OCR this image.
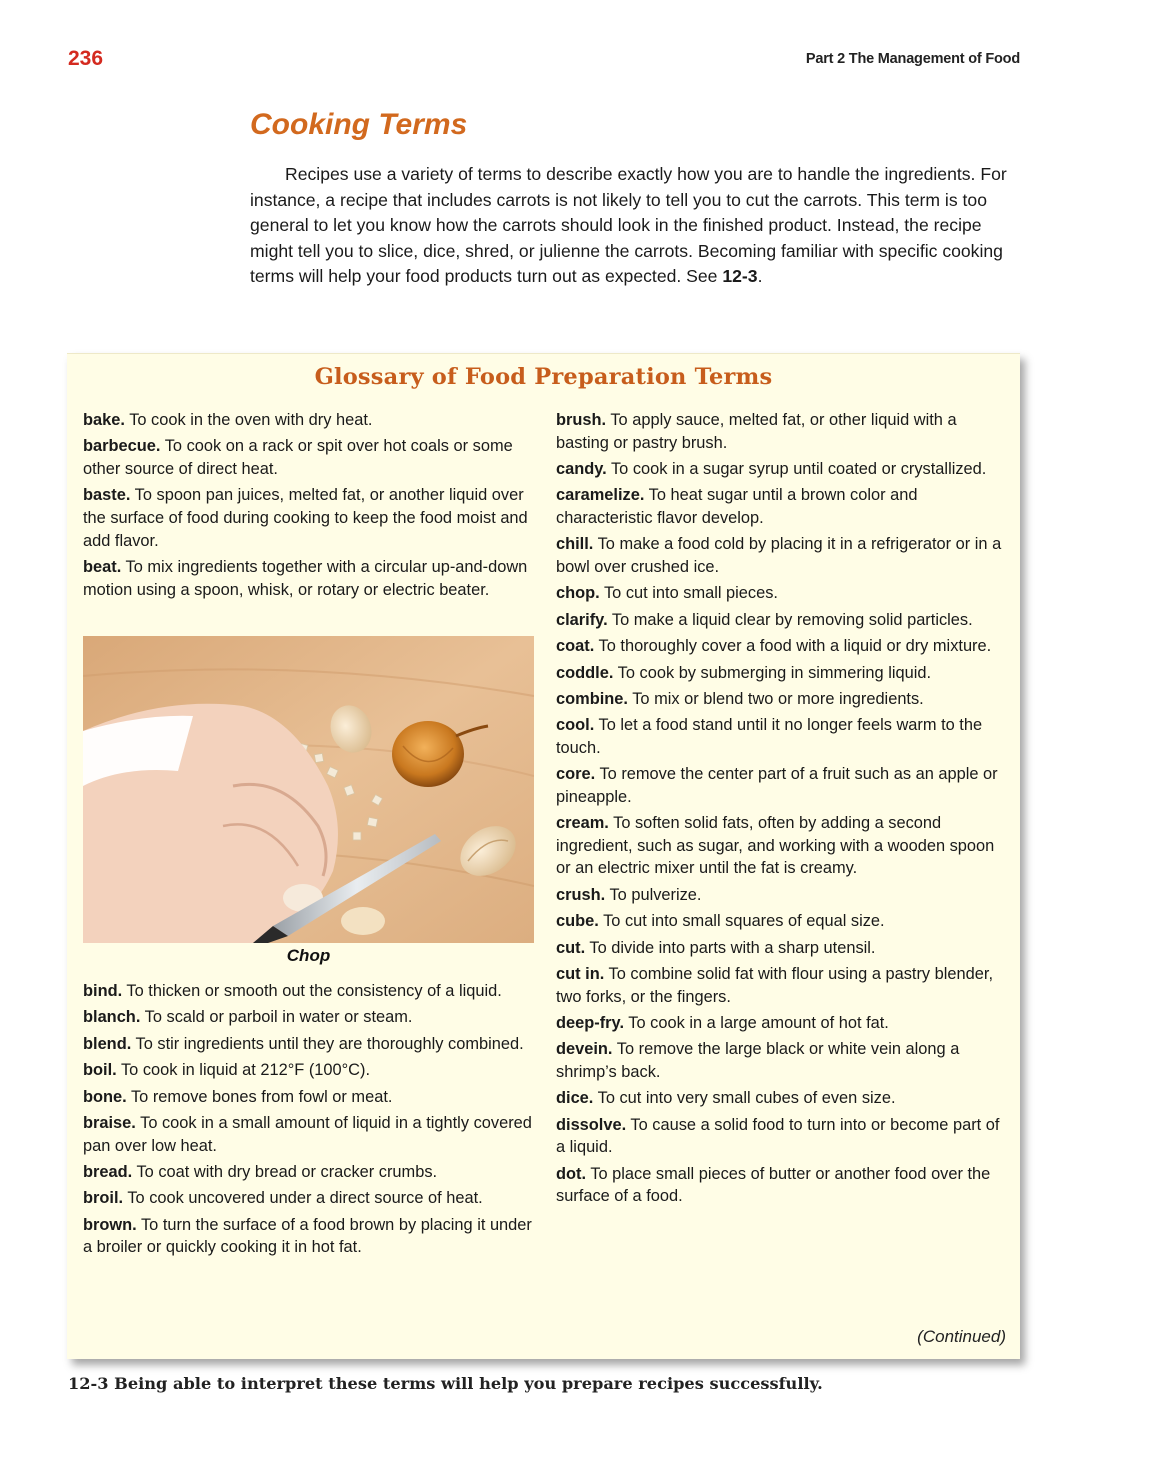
236	Part 2 The Management of Food
Cooking Terms

Recipes use a variety of terms to describe exactly how you are to handle the ingredients. For instance, a recipe that includes carrots is not likely to tell you to cut the carrots. This term is too general to let you know how the carrots should look in the finished product. Instead, the recipe might tell you to slice, dice, shred, or julienne the carrots. Becoming familiar with specific cooking terms will help your food products turn out as expected. See 12-3.

Glossary of Food Preparation Terms

bake. To cook in the oven with dry heat.

barbecue. To cook on a rack or spit over hot coals or some other source of direct heat.

baste. To spoon pan juices, melted fat, or another liquid over the surface of food during cooking to keep the food moist and add flavor.

beat. To mix ingredients together with a circular up-and-down motion using a spoon, whisk, or rotary or electric beater.

Chop

bind. To thicken or smooth out the consistency of a liquid.

blanch. To scald or parboil in water or steam.

blend. To stir ingredients until they are thoroughly combined.

boil. To cook in liquid at 212°F (100°C).

bone. To remove bones from fowl or meat.

braise. To cook in a small amount of liquid in a tightly covered pan over low heat.

bread. To coat with dry bread or cracker crumbs.

broil. To cook uncovered under a direct source of heat.

brown. To turn the surface of a food brown by placing it under a broiler or quickly cooking it in hot fat.

brush. To apply sauce, melted fat, or other liquid with a basting or pastry brush.

candy. To cook in a sugar syrup until coated or crystallized.

caramelize. To heat sugar until a brown color and characteristic flavor develop.

chill. To make a food cold by placing it in a refrigerator or in a bowl over crushed ice.

chop. To cut into small pieces.

clarify. To make a liquid clear by removing solid particles.

coat. To thoroughly cover a food with a liquid or dry mixture.

coddle. To cook by submerging in simmering liquid.

combine. To mix or blend two or more ingredients.

cool. To let a food stand until it no longer feels warm to the touch.

core. To remove the center part of a fruit such as an apple or pineapple.

cream. To soften solid fats, often by adding a second ingredient, such as sugar, and working with a wooden spoon or an electric mixer until the fat is creamy.

crush. To pulverize.

cube. To cut into small squares of equal size.

cut. To divide into parts with a sharp utensil.

cut in. To combine solid fat with flour using a pastry blender, two forks, or the fingers.

deep-fry. To cook in a large amount of hot fat.

devein. To remove the large black or white vein along a shrimp’s back.

dice. To cut into very small cubes of even size.

dissolve. To cause a solid food to turn into or become part of a liquid.

dot. To place small pieces of butter or another food over the surface of a food.

(Continued)

12-3 Being able to interpret these terms will help you prepare recipes successfully.
